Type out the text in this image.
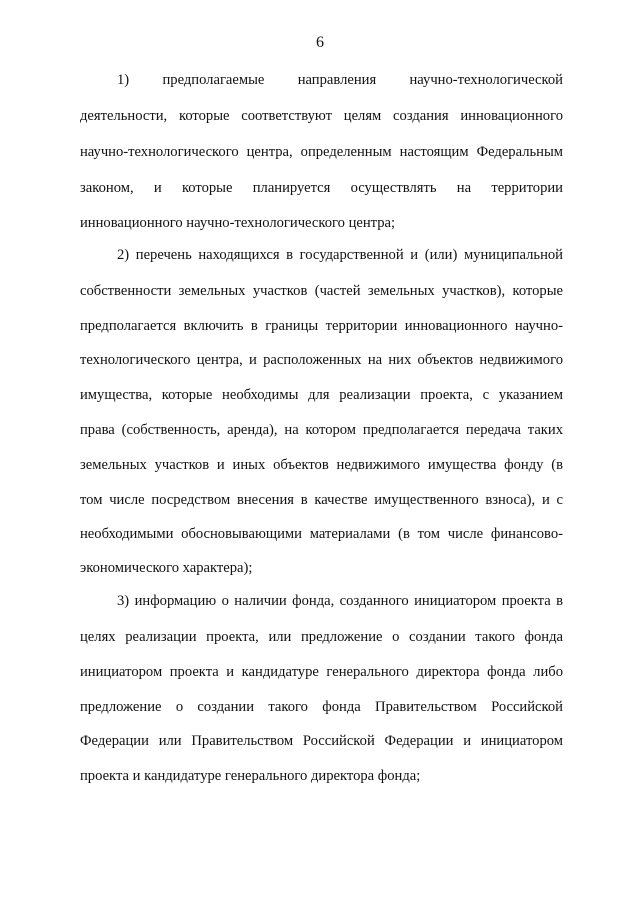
6
1) предполагаемые направления научно-технологической
деятельности, которые соответствуют целям создания инновационного
научно-технологического центра, определенным настоящим Федеральным
законом, и которые планируется осуществлять на территории
инновационного научно-технологического центра;
2) перечень находящихся в государственной и (или) муниципальной
собственности земельных участков (частей земельных участков), которые
предполагается включить в границы территории инновационного научно-
технологического центра, и расположенных на них объектов недвижимого
имущества, которые необходимы для реализации проекта, с указанием
права (собственность, аренда), на котором предполагается передача таких
земельных участков и иных объектов недвижимого имущества фонду (в
том числе посредством внесения в качестве имущественного взноса), и с
необходимыми обосновывающими материалами (в том числе финансово-
экономического характера);
3) информацию о наличии фонда, созданного инициатором проекта в
целях реализации проекта, или предложение о создании такого фонда
инициатором проекта и кандидатуре генерального директора фонда либо
предложение о создании такого фонда Правительством Российской
Федерации или Правительством Российской Федерации и инициатором
проекта и кандидатуре генерального директора фонда;
